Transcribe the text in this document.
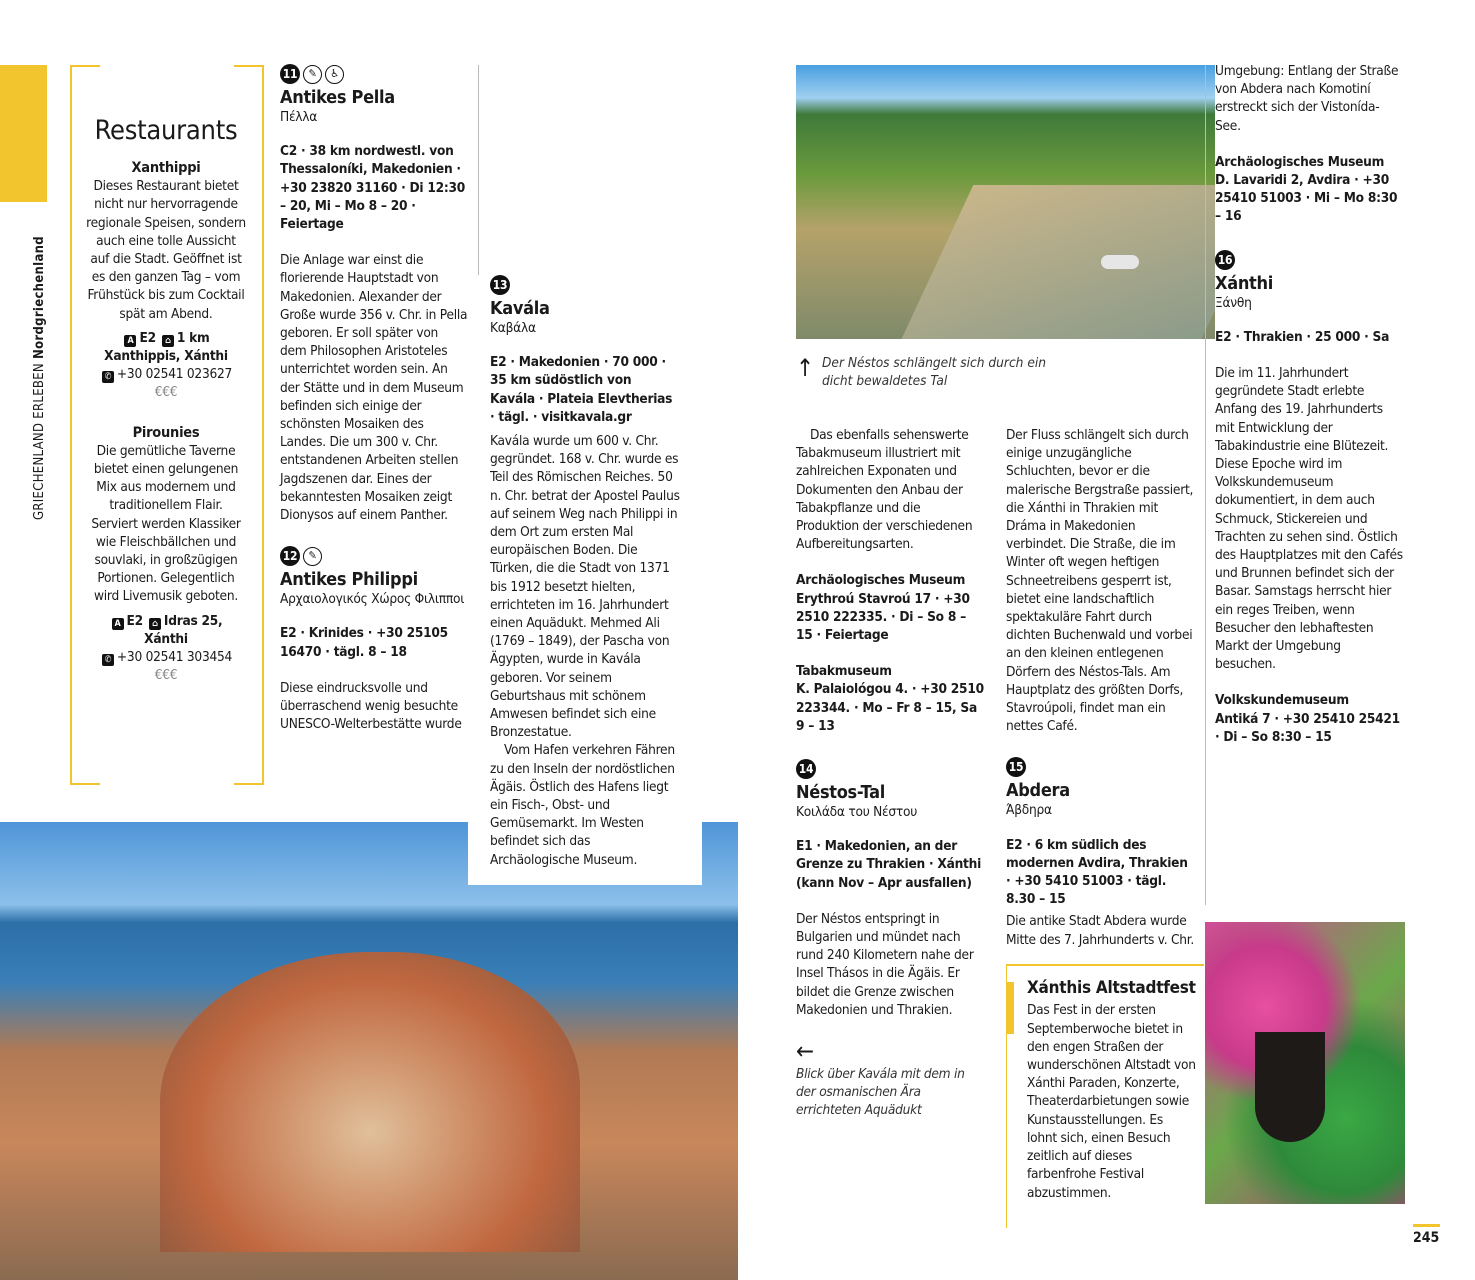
GRIECHENLAND ERLEBEN Nordgriechenland
Restaurants
Xanthippi
Dieses Restaurant bietet nicht nur hervorragende regionale Speisen, sondern auch eine tolle Aussicht auf die Stadt. Geöffnet ist es den ganzen Tag – vom Frühstück bis zum Cocktail spät am Abend.
A E2 ⌂ 1 km
Xanthippis, Xánthi
✆ +30 02541 023627
€€€
Pirounies
Die gemütliche Taverne bietet einen gelungenen Mix aus modernem und traditionellem Flair. Serviert werden Klassiker wie Fleischbällchen und souvlaki, in großzügigen Portionen. Gelegentlich wird Livemusik geboten.
A E2 ⌂ Idras 25, Xánthi
✆ +30 02541 303454
€€€
11 ✎ ♿
Antikes Pella
Πέλλα
C2 · 38 km nordwestl. von Thessaloníki, Makedonien · +30 23820 31160 · Di 12:30 – 20, Mi – Mo 8 – 20 · Feiertage
Die Anlage war einst die florierende Hauptstadt von Makedonien. Alexander der Große wurde 356 v. Chr. in Pella geboren. Er soll später von dem Philosophen Aristoteles unterrichtet worden sein. An der Stätte und in dem Museum befinden sich einige der schönsten Mosaiken des Landes. Die um 300 v. Chr. entstandenen Arbeiten stellen Jagdszenen dar. Eines der bekanntesten Mosaiken zeigt Dionysos auf einem Panther.
12 ✎
Antikes Philippi
Αρχαιολογικός Χώρος Φιλιπποι
E2 · Krinides · +30 25105 16470 · tägl. 8 – 18
Diese eindrucksvolle und überraschend wenig besuchte UNESCO-Welterbestätte wurde
13
Kavála
Καβάλα
E2 · Makedonien · 70 000 · 35 km südöstlich von Kavála · Plateia Elevtherias · tägl. · visitkavala.gr
Kavála wurde um 600 v. Chr. gegründet. 168 v. Chr. wurde es Teil des Römischen Reiches. 50 n. Chr. betrat der Apostel Paulus auf seinem Weg nach Philippi in dem Ort zum ersten Mal europäischen Boden. Die Türken, die die Stadt von 1371 bis 1912 besetzt hielten, errichteten im 16. Jahrhundert einen Aquädukt. Mehmed Ali (1769 – 1849), der Pascha von Ägypten, wurde in Kavála geboren. Vor seinem Geburtshaus mit schönem Amwesen befindet sich eine Bronzestatue.
Vom Hafen verkehren Fähren zu den Inseln der nordöstlichen Ägäis. Östlich des Hafens liegt ein Fisch-, Obst- und Gemüsemarkt. Im Westen befindet sich das Archäologische Museum.
↑ Der Néstos schlängelt sich durch ein dicht bewaldetes Tal

Das ebenfalls sehenswerte Tabakmuseum illustriert mit zahlreichen Exponaten und Dokumenten den Anbau der Tabakpflanze und die Produktion der verschiedenen Aufbereitungsarten.

Archäologisches Museum
Erythroú Stavroú 17 · +30 2510 222335. · Di – So 8 – 15 · Feiertage
Tabakmuseum
K. Palaiológou 4. · +30 2510 223344. · Mo – Fr 8 – 15, Sa 9 – 13
14
Néstos-Tal
Κοιλάδα του Νέστου
E1 · Makedonien, an der Grenze zu Thrakien · Xánthi (kann Nov – Apr ausfallen)
Der Néstos entspringt in Bulgarien und mündet nach rund 240 Kilometern nahe der Insel Thásos in die Ägäis. Er bildet die Grenze zwischen Makedonien und Thrakien.
←
Blick über Kavála mit dem in der osmanischen Ära errichteten Aquädukt
Der Fluss schlängelt sich durch einige unzugängliche Schluchten, bevor er die malerische Bergstraße passiert, die Xánthi in Thrakien mit Dráma in Makedonien verbindet. Die Straße, die im Winter oft wegen heftigen Schneetreibens gesperrt ist, bietet eine landschaftlich spektakuläre Fahrt durch dichten Buchenwald und vorbei an den kleinen entlegenen Dörfern des Néstos-Tals. Am Hauptplatz des größten Dorfs, Stavroúpoli, findet man ein nettes Café.
15
Abdera
Άβδηρα
E2 · 6 km südlich des modernen Avdira, Thrakien · +30 5410 51003 · tägl. 8.30 – 15
Die antike Stadt Abdera wurde Mitte des 7. Jahrhunderts v. Chr.
Xánthis Altstadtfest
Das Fest in der ersten Septemberwoche bietet in den engen Straßen der wunderschönen Altstadt von Xánthi Paraden, Konzerte, Theaterdarbietungen sowie Kunstausstellungen. Es lohnt sich, einen Besuch zeitlich auf dieses farbenfrohe Festival abzustimmen.

Umgebung: Entlang der Straße von Abdera nach Komotiní erstreckt sich der Vistonída-See.

Archäologisches Museum
D. Lavaridi 2, Avdira · +30 25410 51003 · Mi – Mo 8:30 – 16
16
Xánthi
Ξάνθη
E2 · Thrakien · 25 000 · Sa

Die im 11. Jahrhundert gegründete Stadt erlebte Anfang des 19. Jahrhunderts mit Entwicklung der Tabakindustrie eine Blütezeit. Diese Epoche wird im Volkskundemuseum dokumentiert, in dem auch Schmuck, Stickereien und Trachten zu sehen sind. Östlich des Hauptplatzes mit den Cafés und Brunnen befindet sich der Basar. Samstags herrscht hier ein reges Treiben, wenn Besucher den lebhaftesten Markt der Umgebung besuchen.

Volkskundemuseum
Antiká 7 · +30 25410 25421 · Di – So 8:30 – 15
245
